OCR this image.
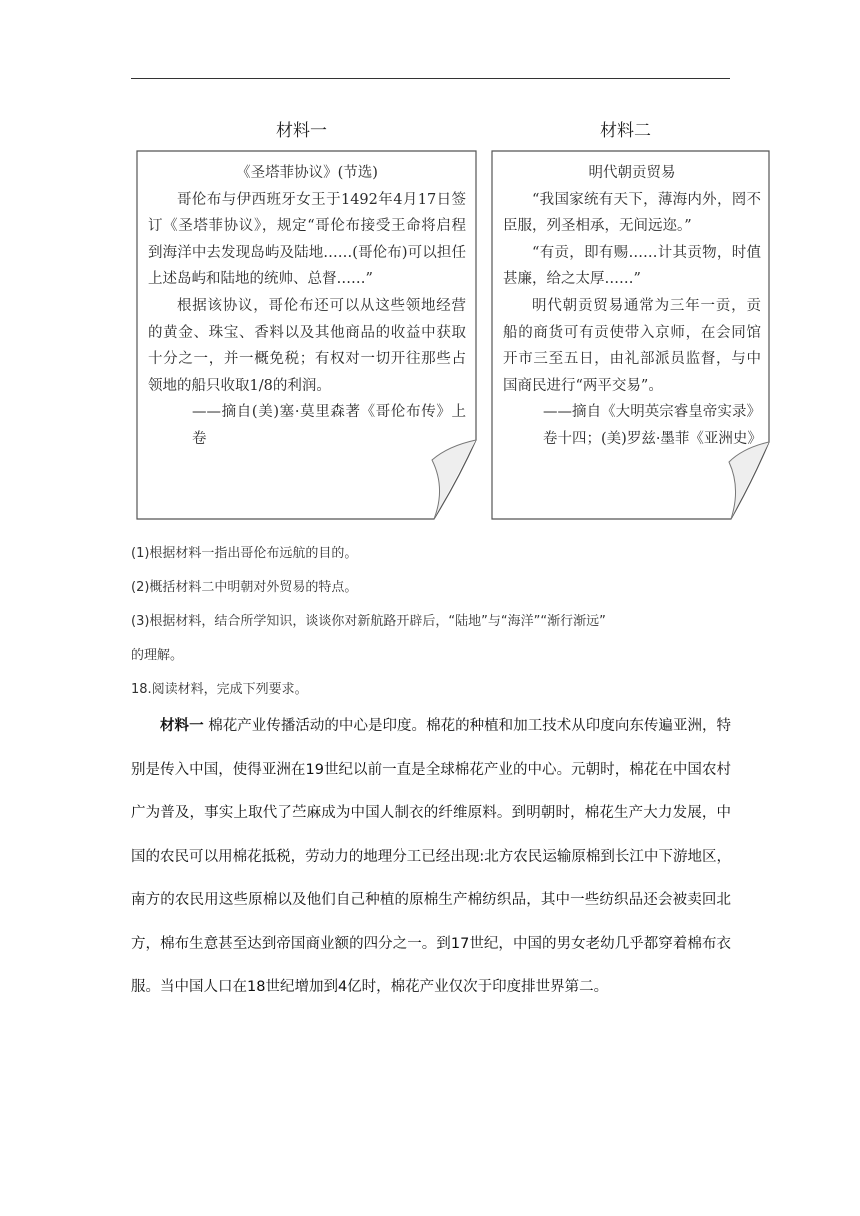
材料一	材料二

《圣塔菲协议》(节选)

哥伦布与伊西班牙女王于1492年4月17日签订《圣塔菲协议》，规定“哥伦布接受王命将启程到海洋中去发现岛屿及陆地……(哥伦布)可以担任上述岛屿和陆地的统帅、总督……”

根据该协议，哥伦布还可以从这些领地经营的黄金、珠宝、香料以及其他商品的收益中获取十分之一，并一概免税；有权对一切开往那些占领地的船只收取1/8的利润。

——摘自(美)塞·莫里森著《哥伦布传》上卷

明代朝贡贸易

“我国家统有天下，薄海内外，罔不臣服，列圣相承，无间远迩。”

“有贡，即有赐……计其贡物，时值甚廉，给之太厚……”

明代朝贡贸易通常为三年一贡，贡船的商货可有贡使带入京师，在会同馆开市三至五日，由礼部派员监督，与中国商民进行“两平交易”。

——摘自《大明英宗睿皇帝实录》卷十四；(美)罗兹·墨菲《亚洲史》

(1)根据材料一指出哥伦布远航的目的。
(2)概括材料二中明朝对外贸易的特点。
(3)根据材料，结合所学知识，谈谈你对新航路开辟后，“陆地”与“海洋”“渐行渐远”
的理解。
18.阅读材料，完成下列要求。
材料一 棉花产业传播活动的中心是印度。棉花的种植和加工技术从印度向东传遍亚洲，特别是传入中国，使得亚洲在19世纪以前一直是全球棉花产业的中心。元朝时，棉花在中国农村广为普及，事实上取代了苎麻成为中国人制衣的纤维原料。到明朝时，棉花生产大力发展，中国的农民可以用棉花抵税，劳动力的地理分工已经出现:北方农民运输原棉到长江中下游地区，南方的农民用这些原棉以及他们自己种植的原棉生产棉纺织品，其中一些纺织品还会被卖回北方，棉布生意甚至达到帝国商业额的四分之一。到17世纪，中国的男女老幼几乎都穿着棉布衣服。当中国人口在18世纪增加到4亿时，棉花产业仅次于印度排世界第二。
